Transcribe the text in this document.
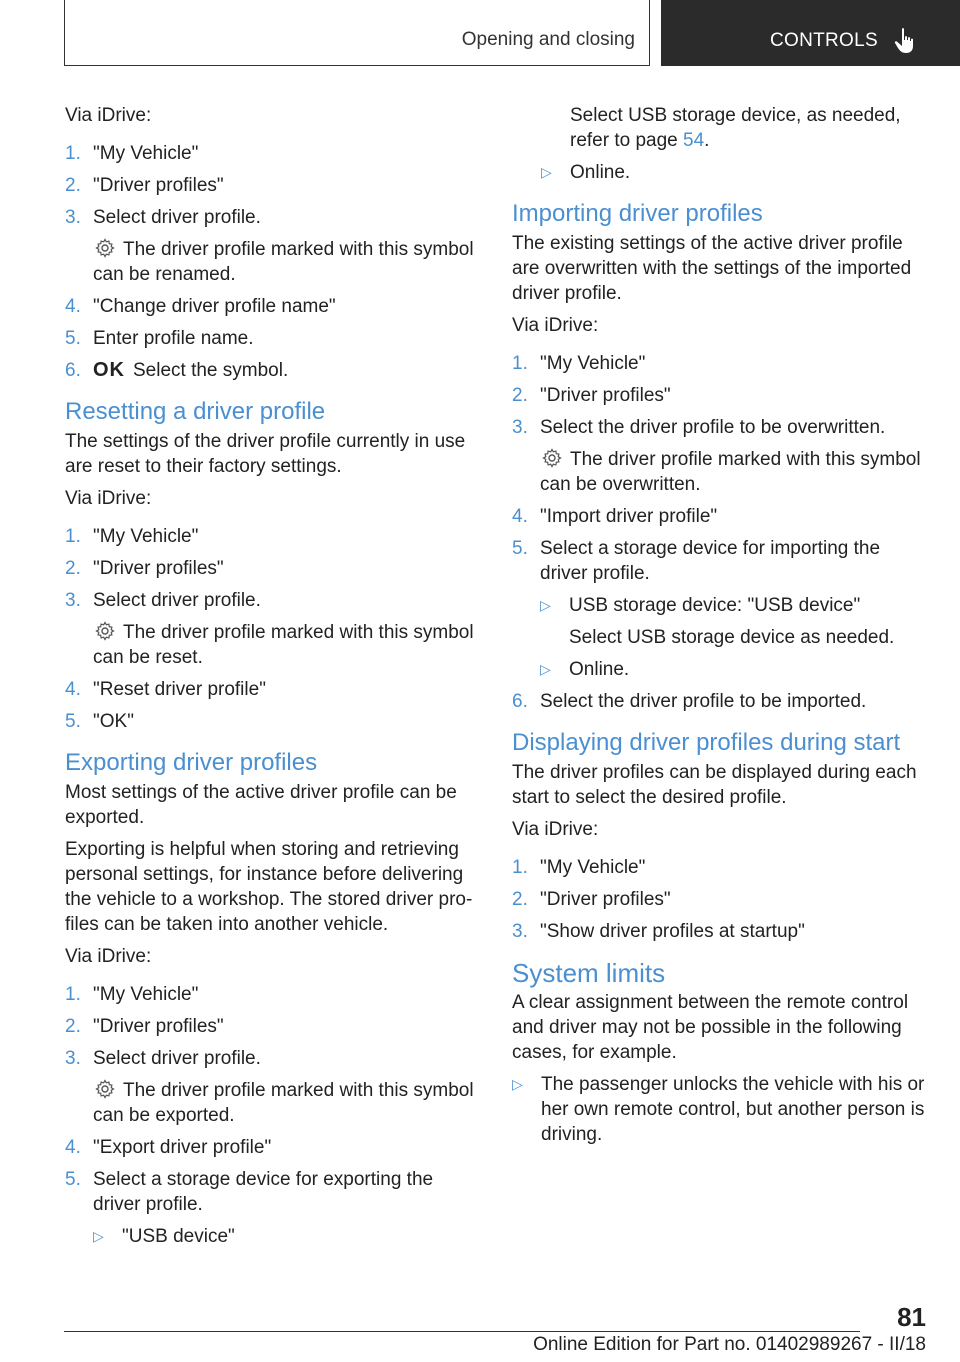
Opening and closing	CONTROLS

Via iDrive:

1. "My Vehicle"
2. "Driver profiles"
3. Select driver profile.
The driver profile marked with this symbol can be renamed.
4. "Change driver profile name"
5. Enter profile name.
6. OK Select the symbol.
Resetting a driver profile

The settings of the driver profile currently in use are reset to their factory settings.

Via iDrive:

1. "My Vehicle"
2. "Driver profiles"
3. Select driver profile.
The driver profile marked with this symbol can be reset.
4. "Reset driver profile"
5. "OK"
Exporting driver profiles

Most settings of the active driver profile can be exported.

Exporting is helpful when storing and retrieving personal settings, for instance before delivering the vehicle to a workshop. The stored driver pro‐ files can be taken into another vehicle.

Via iDrive:

1. "My Vehicle"
2. "Driver profiles"
3. Select driver profile.
The driver profile marked with this symbol can be exported.
4. "Export driver profile"
5. Select a storage device for exporting the driver profile.
▷ "USB device"
Select USB storage device, as needed, refer to page 54.
▷ Online.
Importing driver profiles

The existing settings of the active driver profile are overwritten with the settings of the imported driver profile.

Via iDrive:

1. "My Vehicle"
2. "Driver profiles"
3. Select the driver profile to be overwritten.
The driver profile marked with this symbol can be overwritten.
4. "Import driver profile"
5. Select a storage device for importing the driver profile.
▷ USB storage device: "USB device"
Select USB storage device as needed.
▷ Online.
6. Select the driver profile to be imported.
Displaying driver profiles during start

The driver profiles can be displayed during each start to select the desired profile.

Via iDrive:

1. "My Vehicle"
2. "Driver profiles"
3. "Show driver profiles at startup"
System limits

A clear assignment between the remote control and driver may not be possible in the following cases, for example.

▷ The passenger unlocks the vehicle with his or her own remote control, but another person is driving.
81
Online Edition for Part no. 01402989267 - II/18
